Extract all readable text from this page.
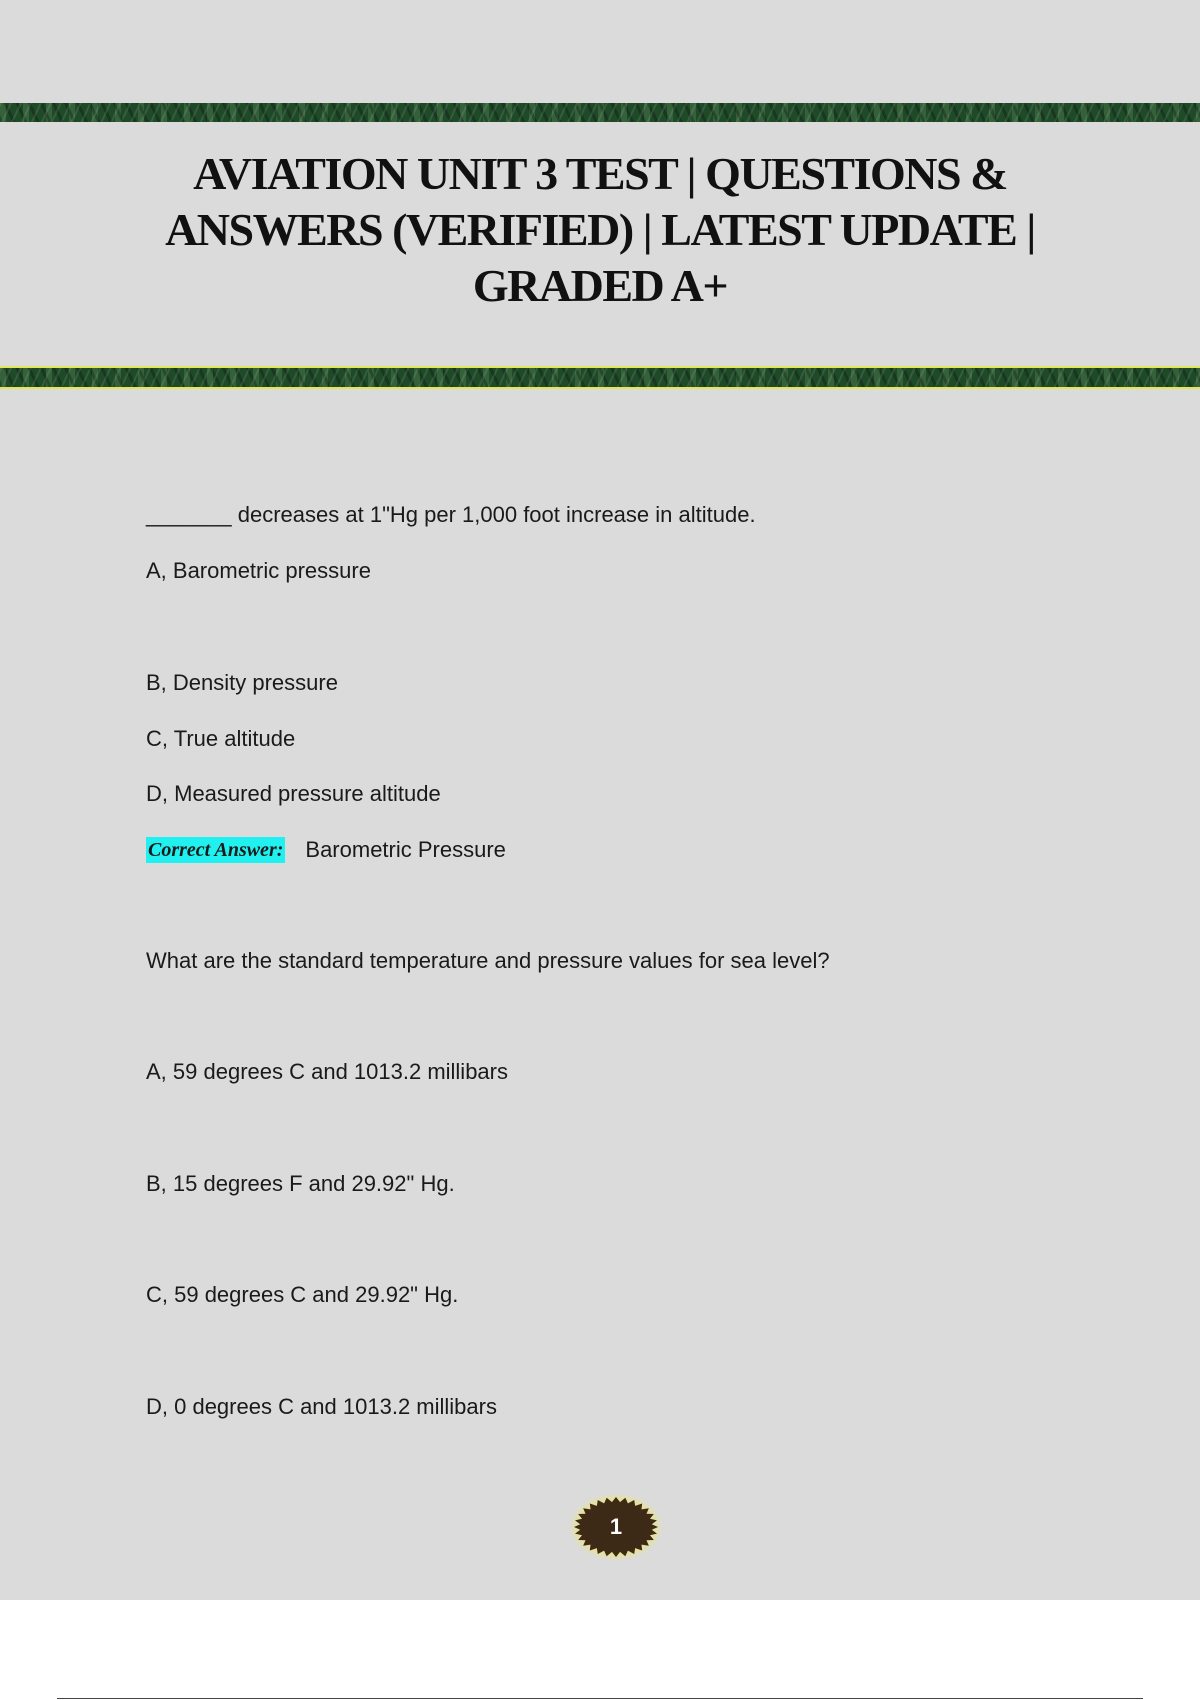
AVIATION UNIT 3 TEST | QUESTIONS & ANSWERS (VERIFIED) | LATEST UPDATE | GRADED A+
_______ decreases at 1"Hg per 1,000 foot increase in altitude.
A, Barometric pressure
B, Density pressure
C, True altitude
D, Measured pressure altitude
Correct Answer: Barometric Pressure
What are the standard temperature and pressure values for sea level?
A, 59 degrees C and 1013.2 millibars
B, 15 degrees F and 29.92" Hg.
C, 59 degrees C and 29.92" Hg.
D, 0 degrees C and 1013.2 millibars
1
